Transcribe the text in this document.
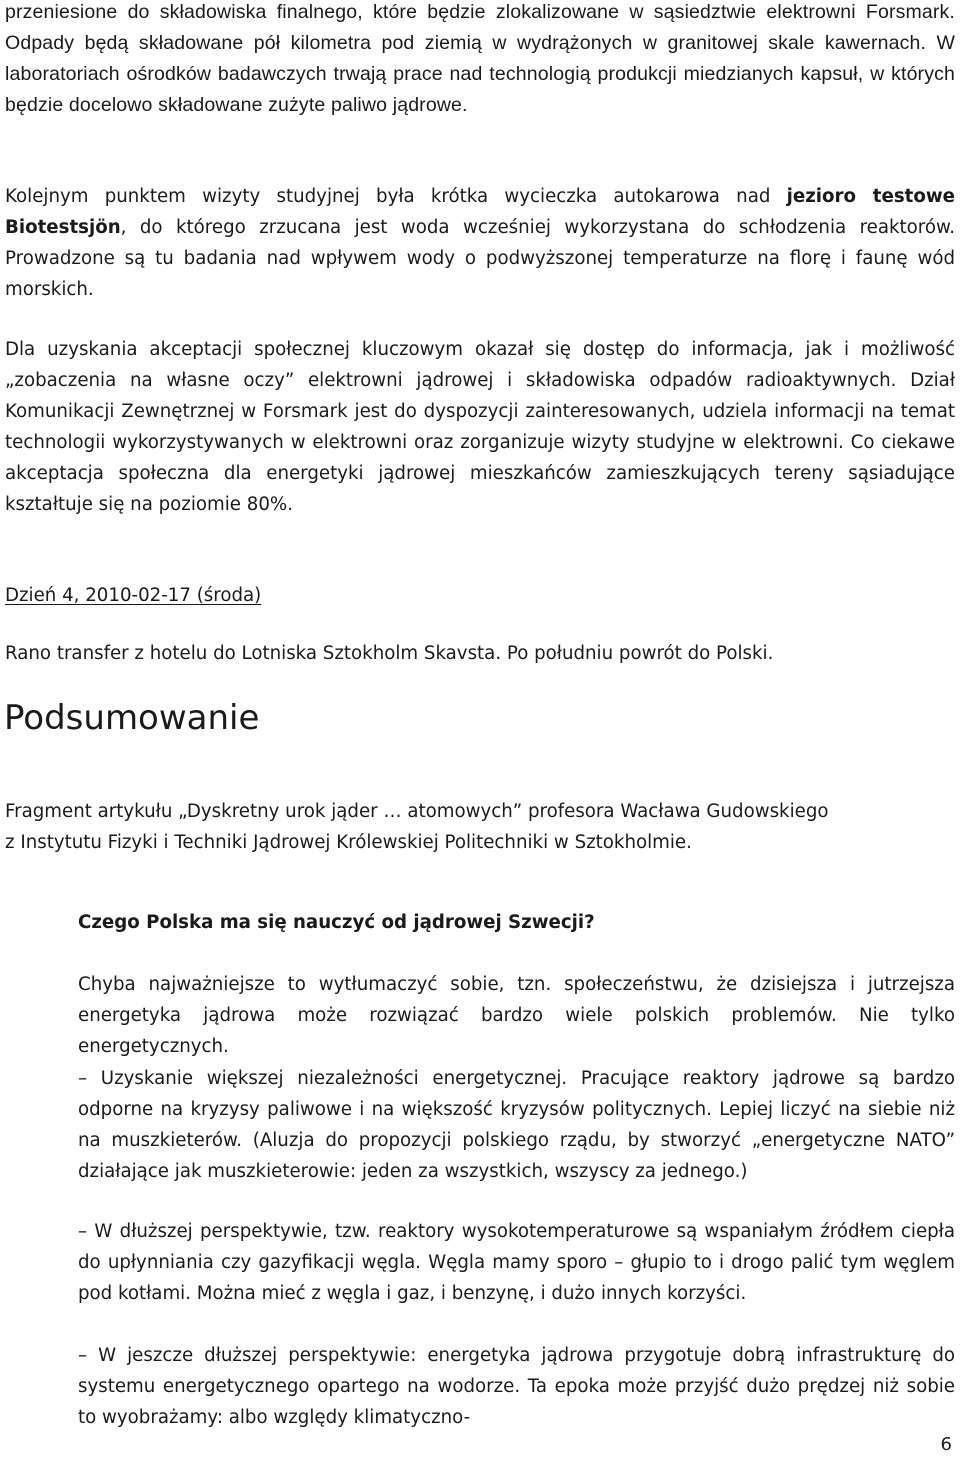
przeniesione do składowiska finalnego, które będzie zlokalizowane w sąsiedztwie elektrowni Forsmark. Odpady będą składowane pół kilometra pod ziemią w wydrążonych w granitowej skale kawernach. W laboratoriach ośrodków badawczych trwają prace nad technologią produkcji miedzianych kapsuł, w których będzie docelowo składowane zużyte paliwo jądrowe.

Kolejnym punktem wizyty studyjnej była krótka wycieczka autokarowa nad jezioro testowe Biotestsjön, do którego zrzucana jest woda wcześniej wykorzystana do schłodzenia reaktorów. Prowadzone są tu badania nad wpływem wody o podwyższonej temperaturze na florę i faunę wód morskich.

Dla uzyskania akceptacji społecznej kluczowym okazał się dostęp do informacja, jak i możliwość „zobaczenia na własne oczy” elektrowni jądrowej i składowiska odpadów radioaktywnych. Dział Komunikacji Zewnętrznej w Forsmark jest do dyspozycji zainteresowanych, udziela informacji na temat technologii wykorzystywanych w elektrowni oraz zorganizuje wizyty studyjne w elektrowni. Co ciekawe akceptacja społeczna dla energetyki jądrowej mieszkańców zamieszkujących tereny sąsiadujące kształtuje się na poziomie 80%.

Dzień 4, 2010-02-17 (środa)

Rano transfer z hotelu do Lotniska Sztokholm Skavsta. Po południu powrót do Polski.

Podsumowanie

Fragment artykułu „Dyskretny urok jąder … atomowych” profesora Wacława Gudowskiego

z Instytutu Fizyki i Techniki Jądrowej Królewskiej Politechniki w Sztokholmie.

Czego Polska ma się nauczyć od jądrowej Szwecji?

Chyba najważniejsze to wytłumaczyć sobie, tzn. społeczeństwu, że dzisiejsza i jutrzejsza energetyka jądrowa może rozwiązać bardzo wiele polskich problemów. Nie tylko energetycznych.

– Uzyskanie większej niezależności energetycznej. Pracujące reaktory jądrowe są bardzo odporne na kryzysy paliwowe i na większość kryzysów politycznych. Lepiej liczyć na siebie niż na muszkieterów. (Aluzja do propozycji polskiego rządu, by stworzyć „energetyczne NATO” działające jak muszkieterowie: jeden za wszystkich, wszyscy za jednego.)

– W dłuższej perspektywie, tzw. reaktory wysokotemperaturowe są wspaniałym źródłem ciepła do upłynniania czy gazyfikacji węgla. Węgla mamy sporo – głupio to i drogo palić tym węglem pod kotłami. Można mieć z węgla i gaz, i benzynę, i dużo innych korzyści.

– W jeszcze dłuższej perspektywie: energetyka jądrowa przygotuje dobrą infrastrukturę do systemu energetycznego opartego na wodorze. Ta epoka może przyjść dużo prędzej niż sobie to wyobrażamy: albo względy klimatyczno-

6
